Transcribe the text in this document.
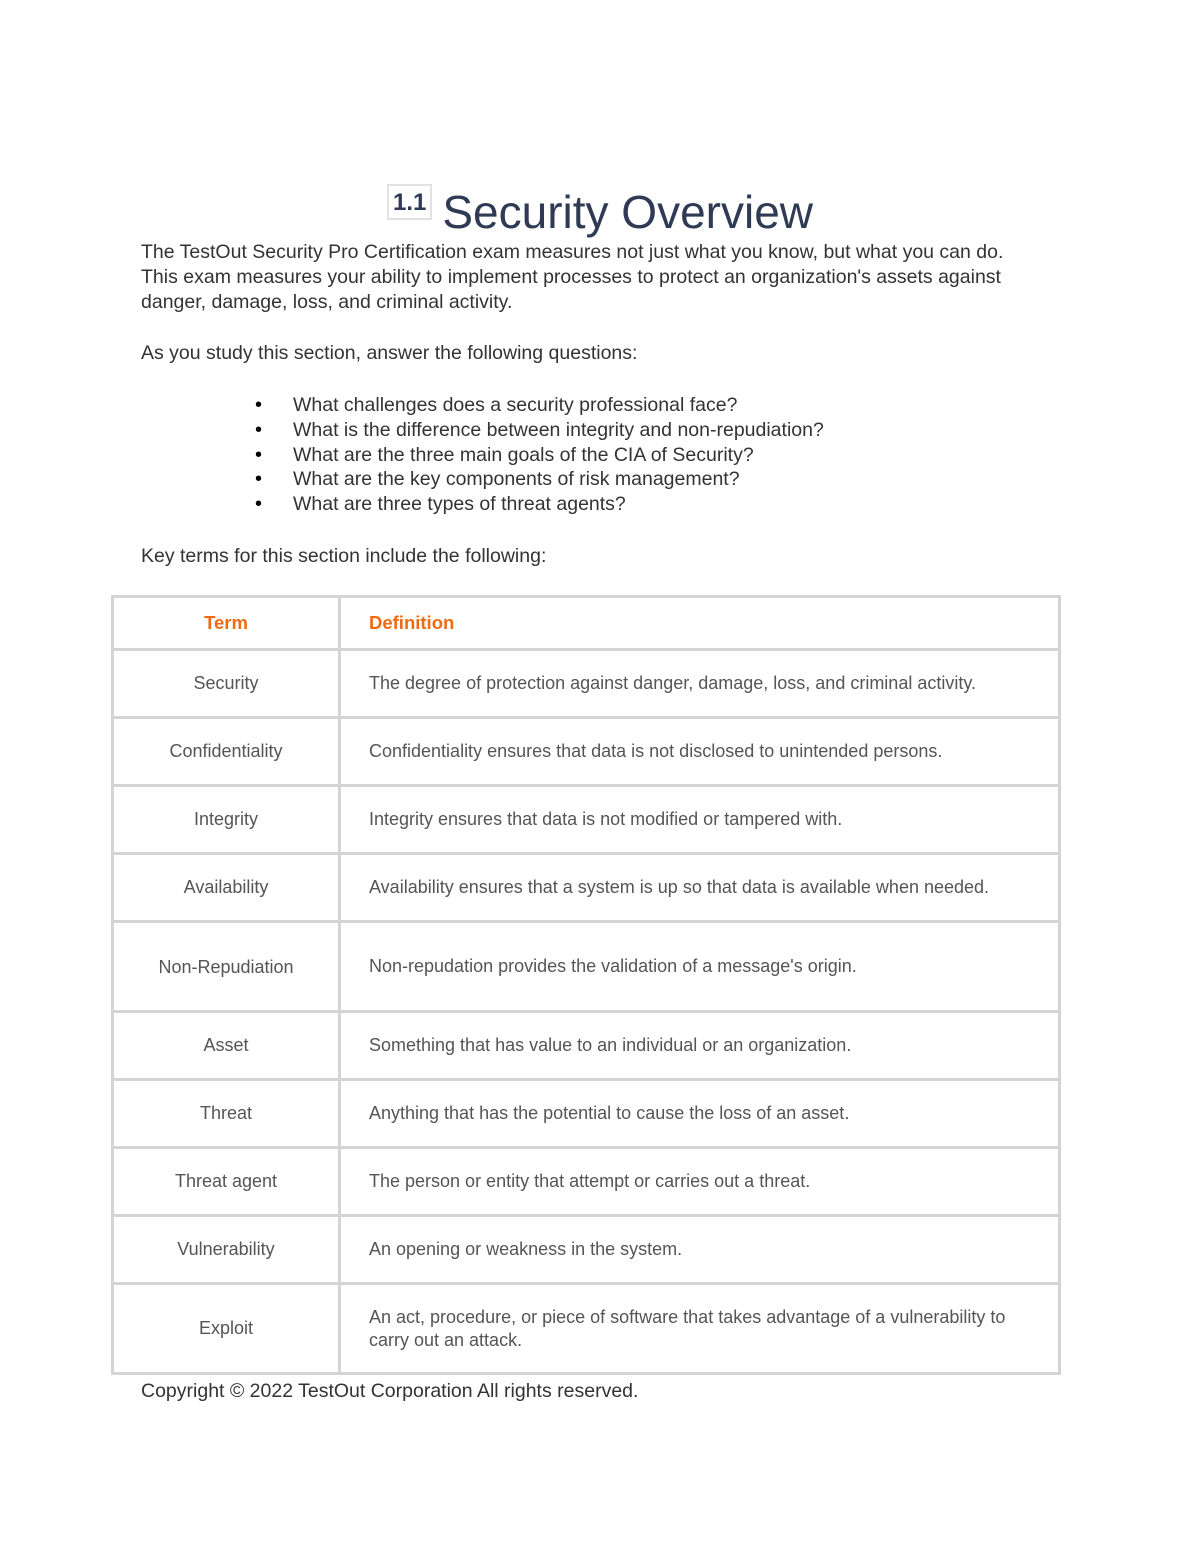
1.1 Security Overview

The TestOut Security Pro Certification exam measures not just what you know, but what you can do. This exam measures your ability to implement processes to protect an organization's assets against danger, damage, loss, and criminal activity.

As you study this section, answer the following questions:

• What challenges does a security professional face?
• What is the difference between integrity and non-repudiation?
• What are the three main goals of the CIA of Security?
• What are the key components of risk management?
• What are three types of threat agents?

Key terms for this section include the following:

Term	Definition
Security	The degree of protection against danger, damage, loss, and criminal activity.
Confidentiality	Confidentiality ensures that data is not disclosed to unintended persons.
Integrity	Integrity ensures that data is not modified or tampered with.
Availability	Availability ensures that a system is up so that data is available when needed.
Non-Repudiation	Non-repudation provides the validation of a message's origin.
Asset	Something that has value to an individual or an organization.
Threat	Anything that has the potential to cause the loss of an asset.
Threat agent	The person or entity that attempt or carries out a threat.
Vulnerability	An opening or weakness in the system.
Exploit	An act, procedure, or piece of software that takes advantage of a vulnerability to carry out an attack.

Copyright © 2022 TestOut Corporation All rights reserved.
